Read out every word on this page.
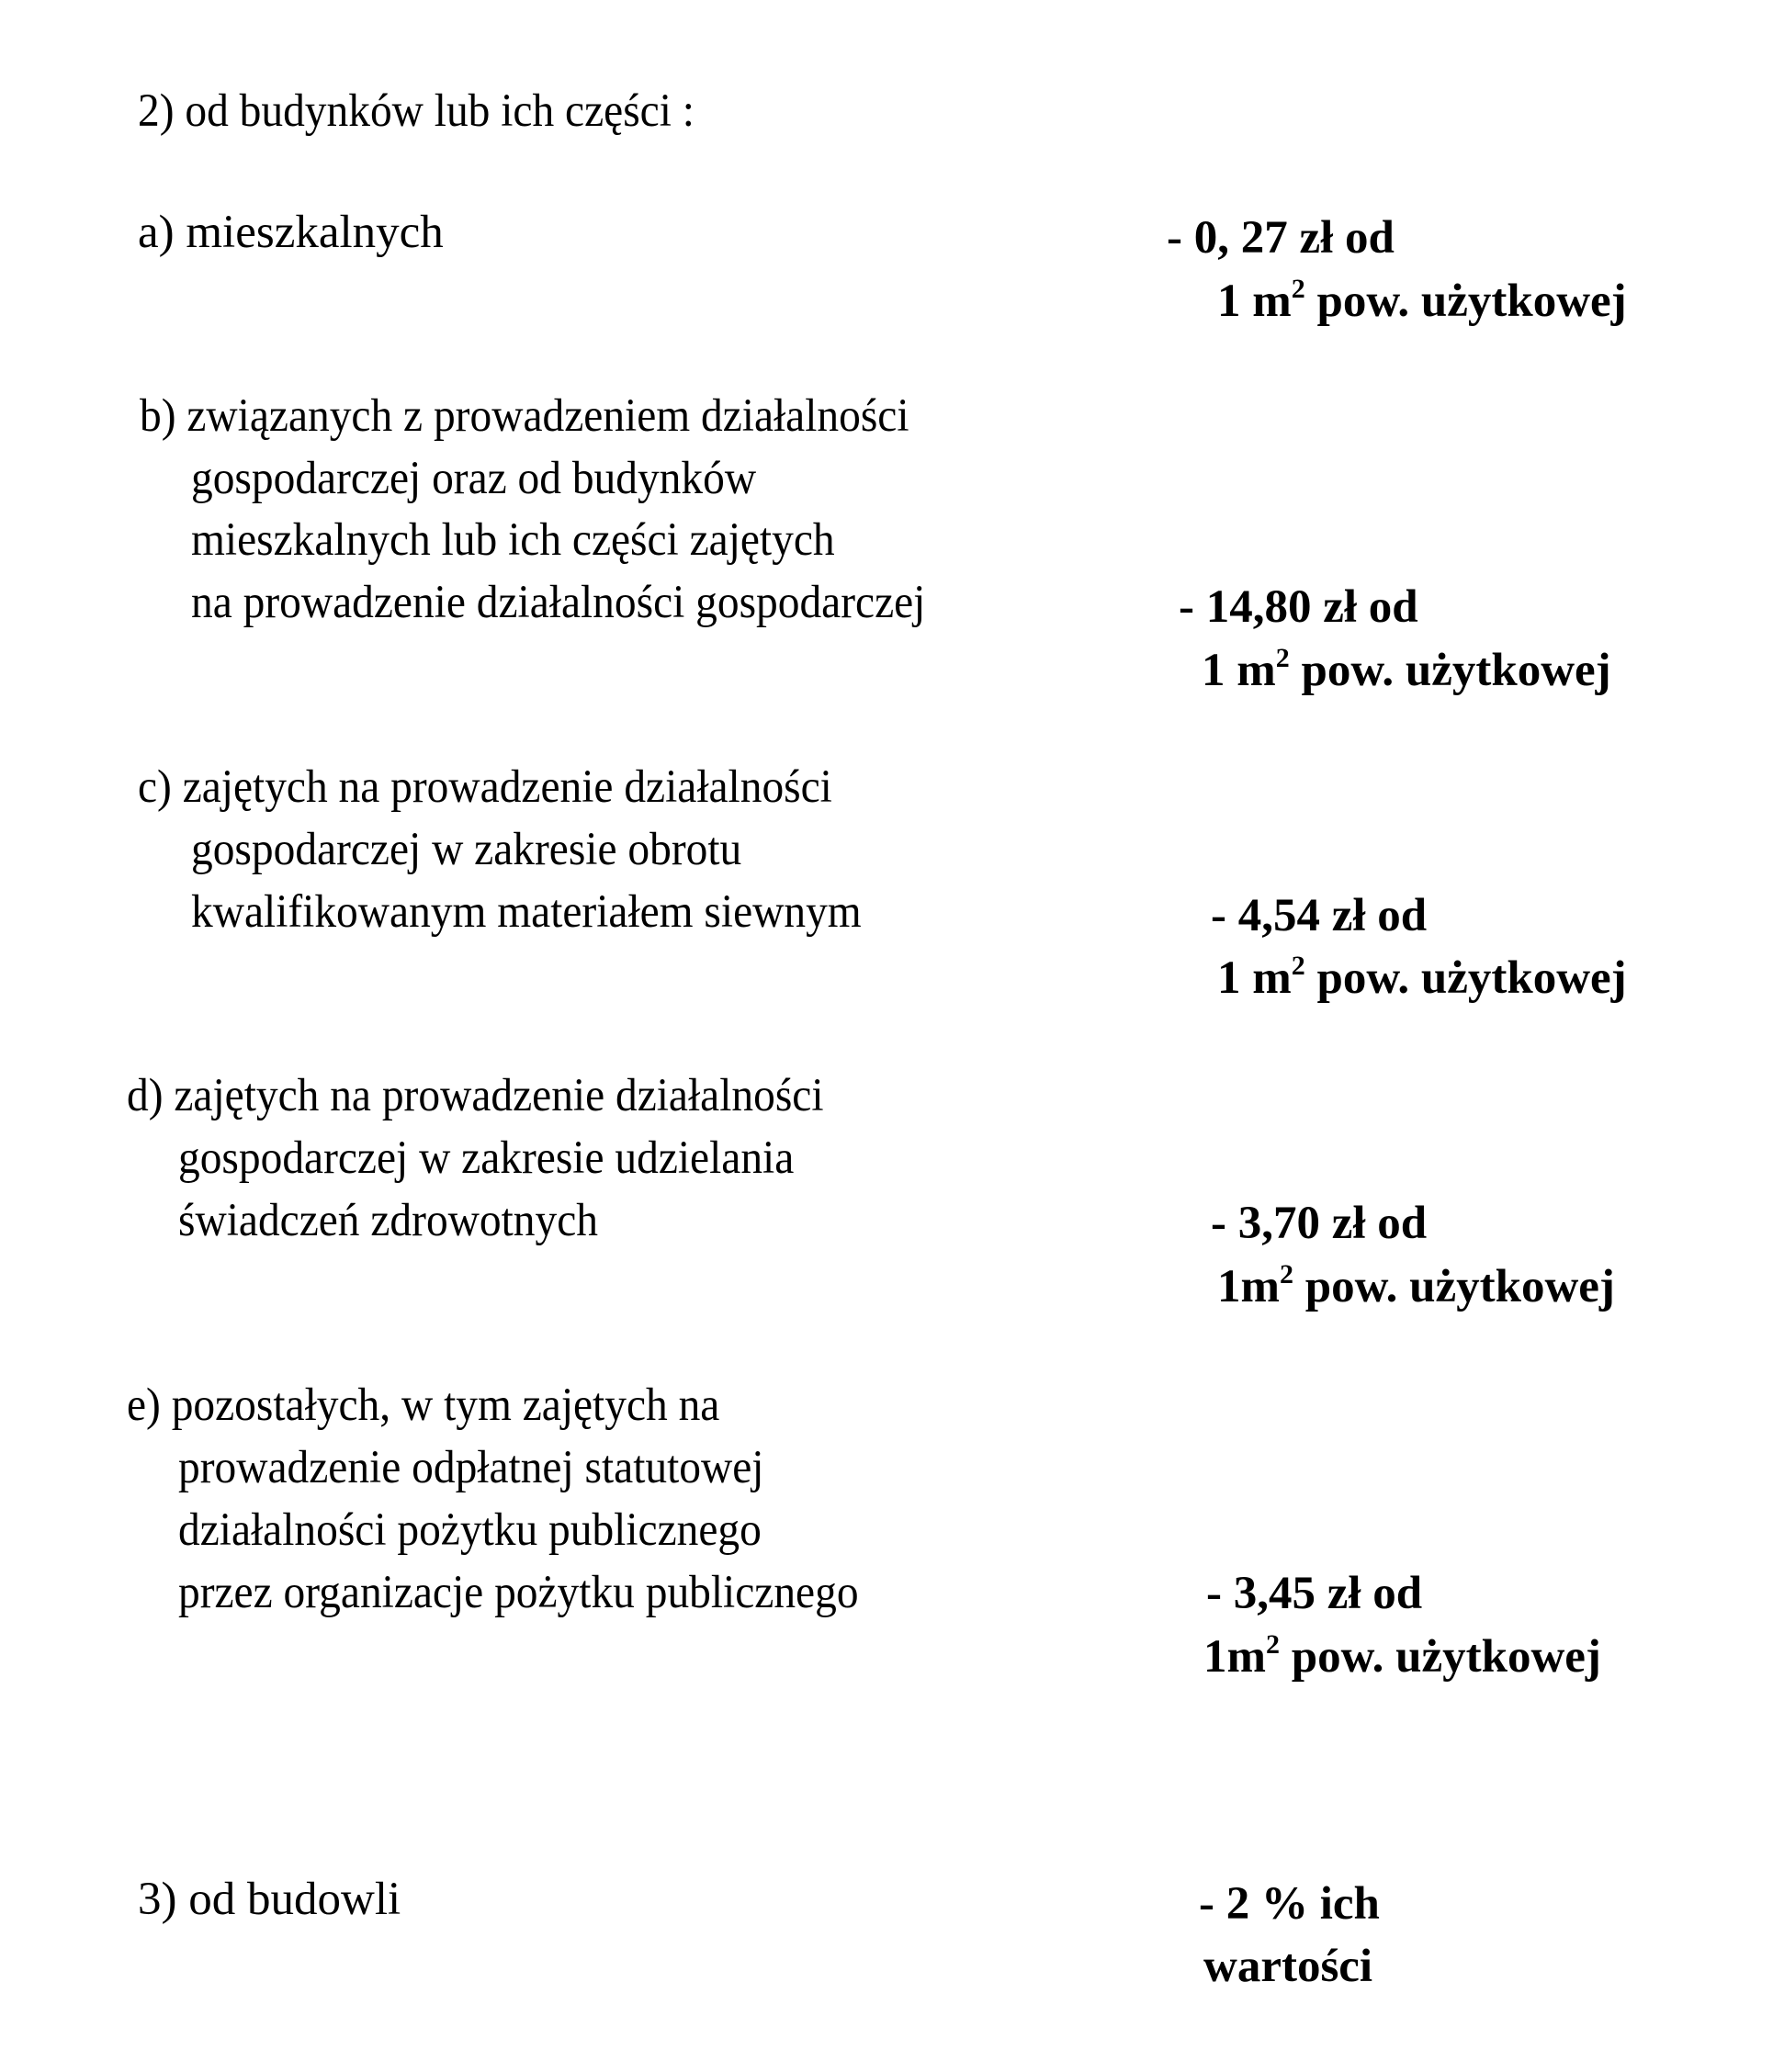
2) od budynków lub ich części :
a) mieszkalnych	- 0, 27 zł od
1 $m^2$ pow. użytkowej
b) związanych z prowadzeniem działalności
gospodarczej oraz od budynków
mieszkalnych lub ich części zajętych
na prowadzenie działalności gospodarczej	- 14,80 zł od
1 $m^2$ pow. użytkowej
c) zajętych na prowadzenie działalności
gospodarczej w zakresie obrotu
kwalifikowanym materiałem siewnym	- 4,54 zł od
1 $m^2$ pow. użytkowej
d) zajętych na prowadzenie działalności
gospodarczej w zakresie udzielania
świadczeń zdrowotnych	- 3,70 zł od
$1m^2$ pow. użytkowej
e) pozostałych, w tym zajętych na
prowadzenie odpłatnej statutowej
działalności pożytku publicznego
przez organizacje pożytku publicznego	- 3,45 zł od
$1m^2$ pow. użytkowej
3) od budowli	- 2 % ich
wartości
